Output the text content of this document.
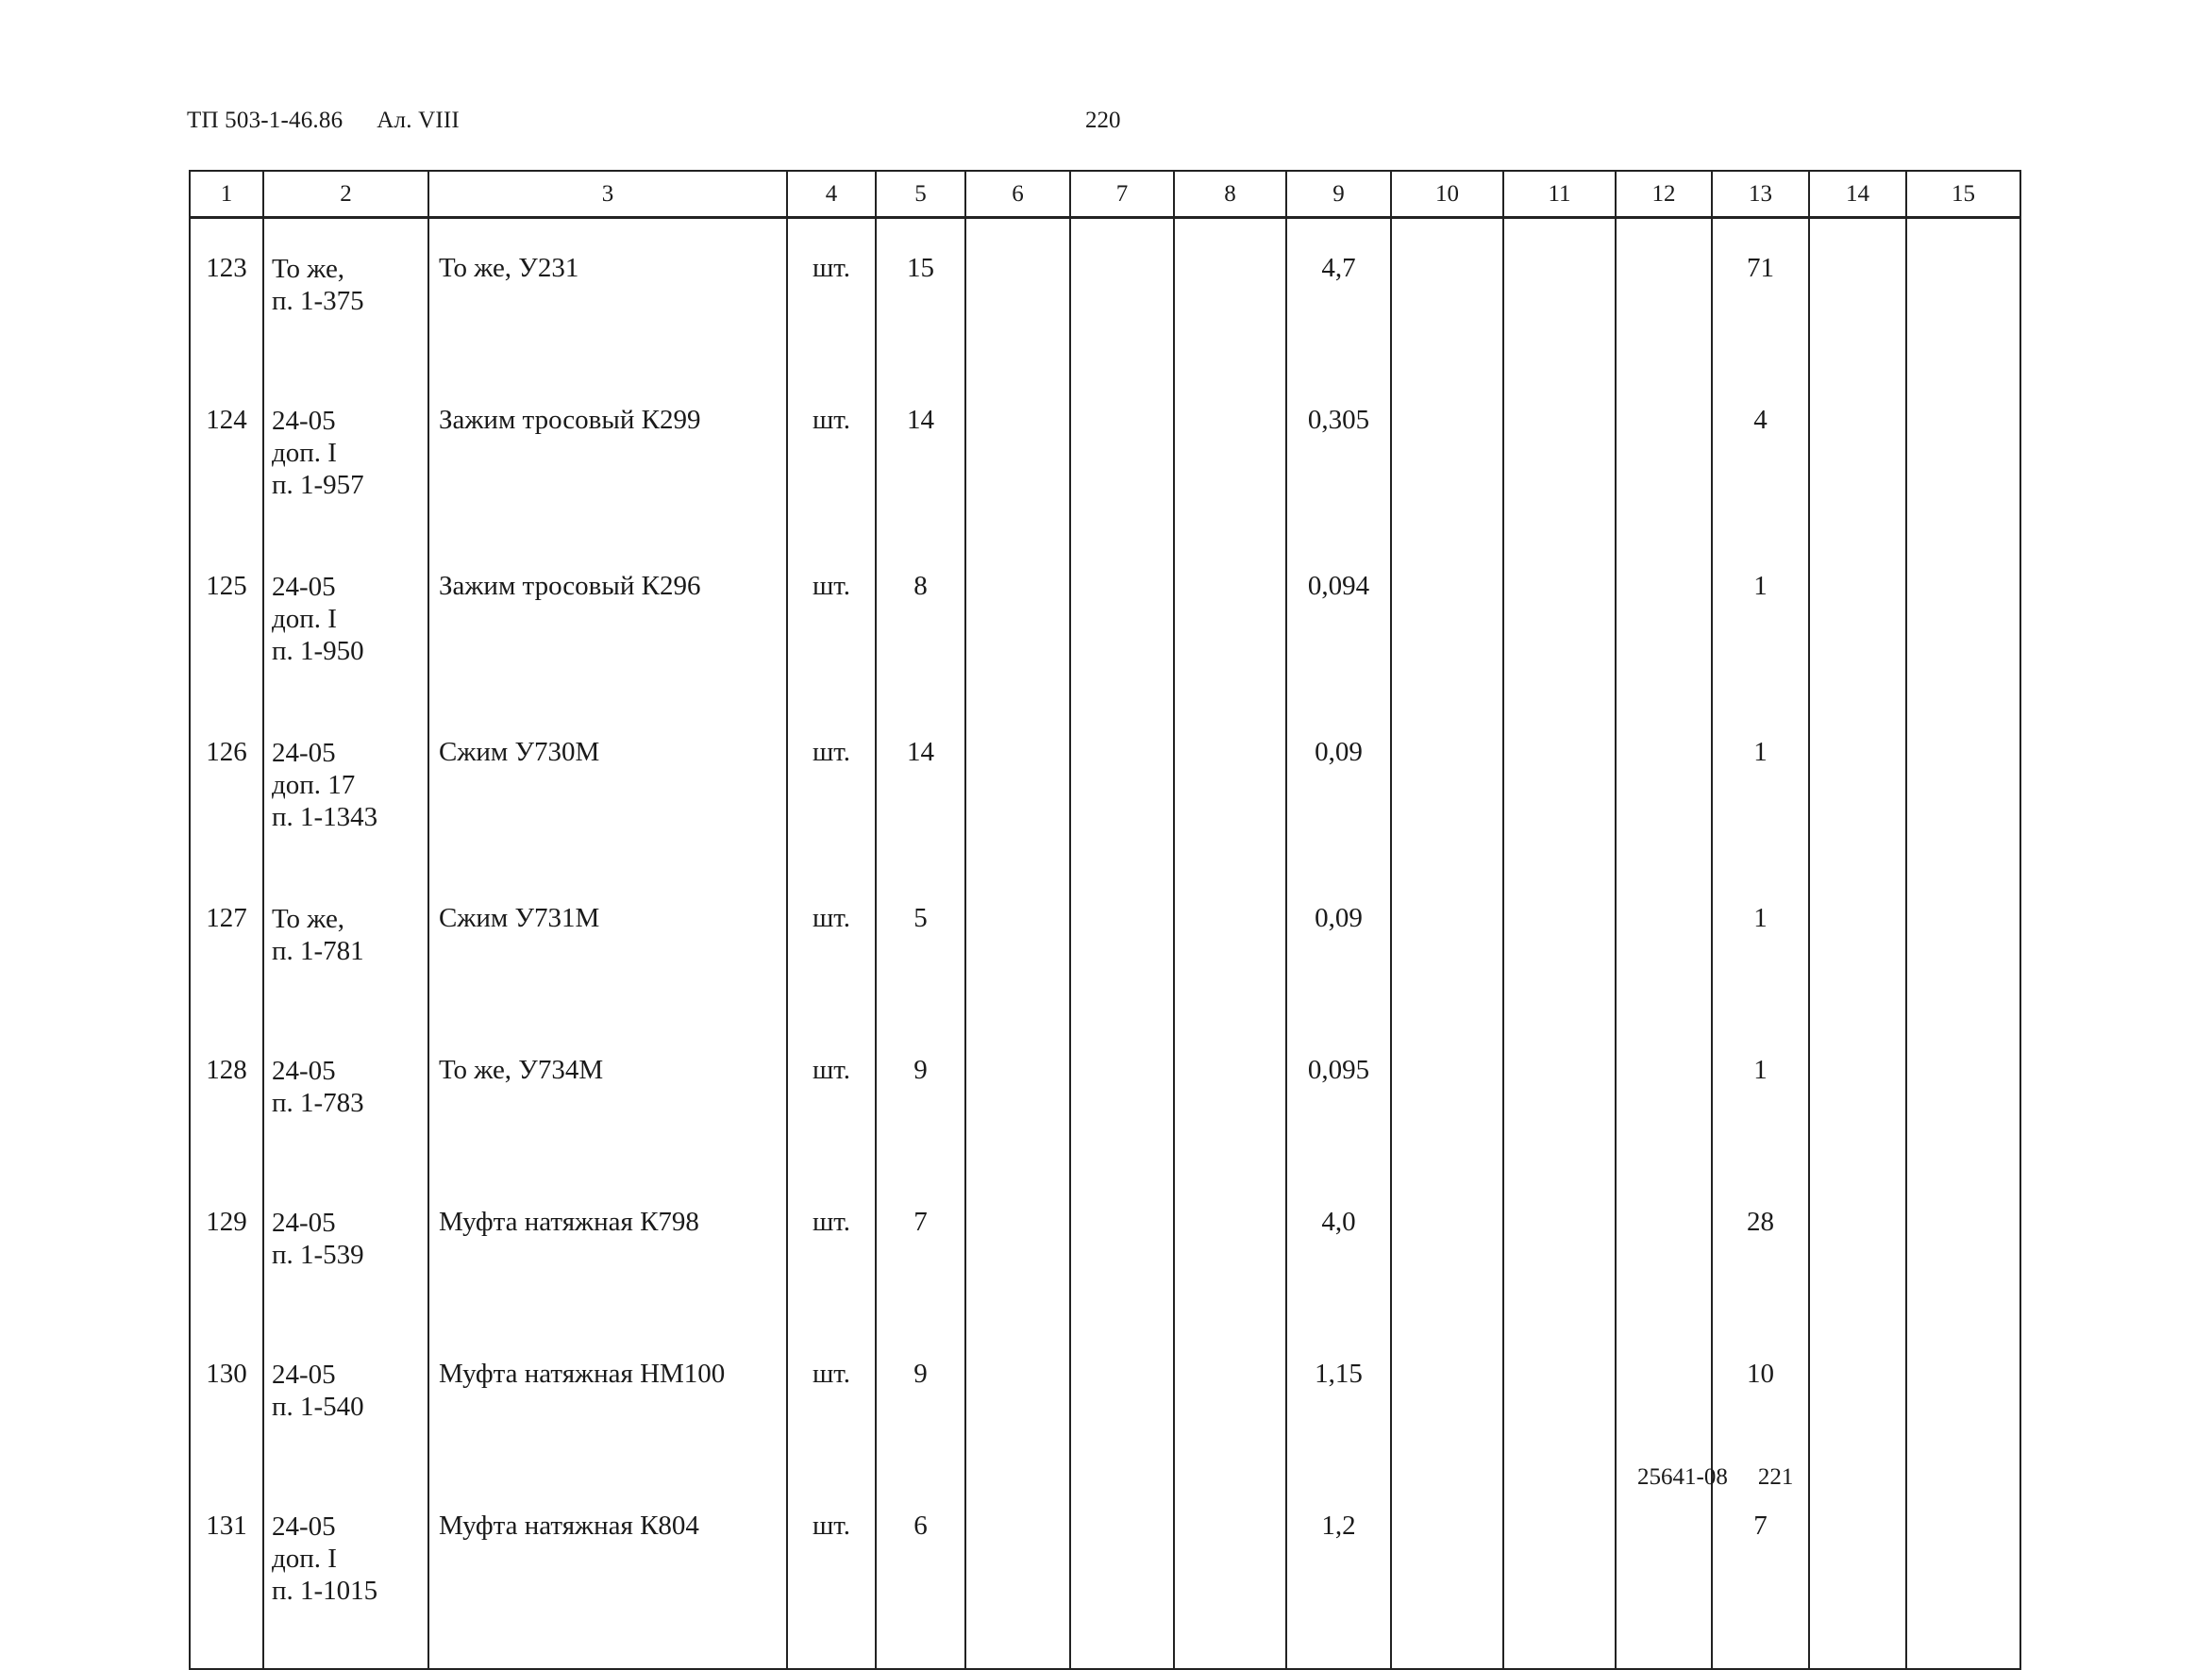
ТП 503-1-46.86 Ал. VIII	220
1	2	3	4	5	6	7	8	9	10	11	12	13	14	15
123	То же,
п. 1-375	То же, У231	шт.	15				4,7				71		
124	24-05
доп. I
п. 1-957	Зажим тросовый К299	шт.	14				0,305				4		
125	24-05
доп. I
п. 1-950	Зажим тросовый К296	шт.	8				0,094				1		
126	24-05
доп. 17
п. 1-1343	Сжим У730М	шт.	14				0,09				1		
127	То же,
п. 1-781	Сжим У731М	шт.	5				0,09				1		
128	24-05
п. 1-783	То же, У734М	шт.	9				0,095				1		
129	24-05
п. 1-539	Муфта натяжная К798	шт.	7				4,0				28		
130	24-05
п. 1-540	Муфта натяжная НМ100	шт.	9				1,15				10		
131	24-05
доп. I
п. 1-1015	Муфта натяжная К804	шт.	6				1,2				7		
25641-08 221
